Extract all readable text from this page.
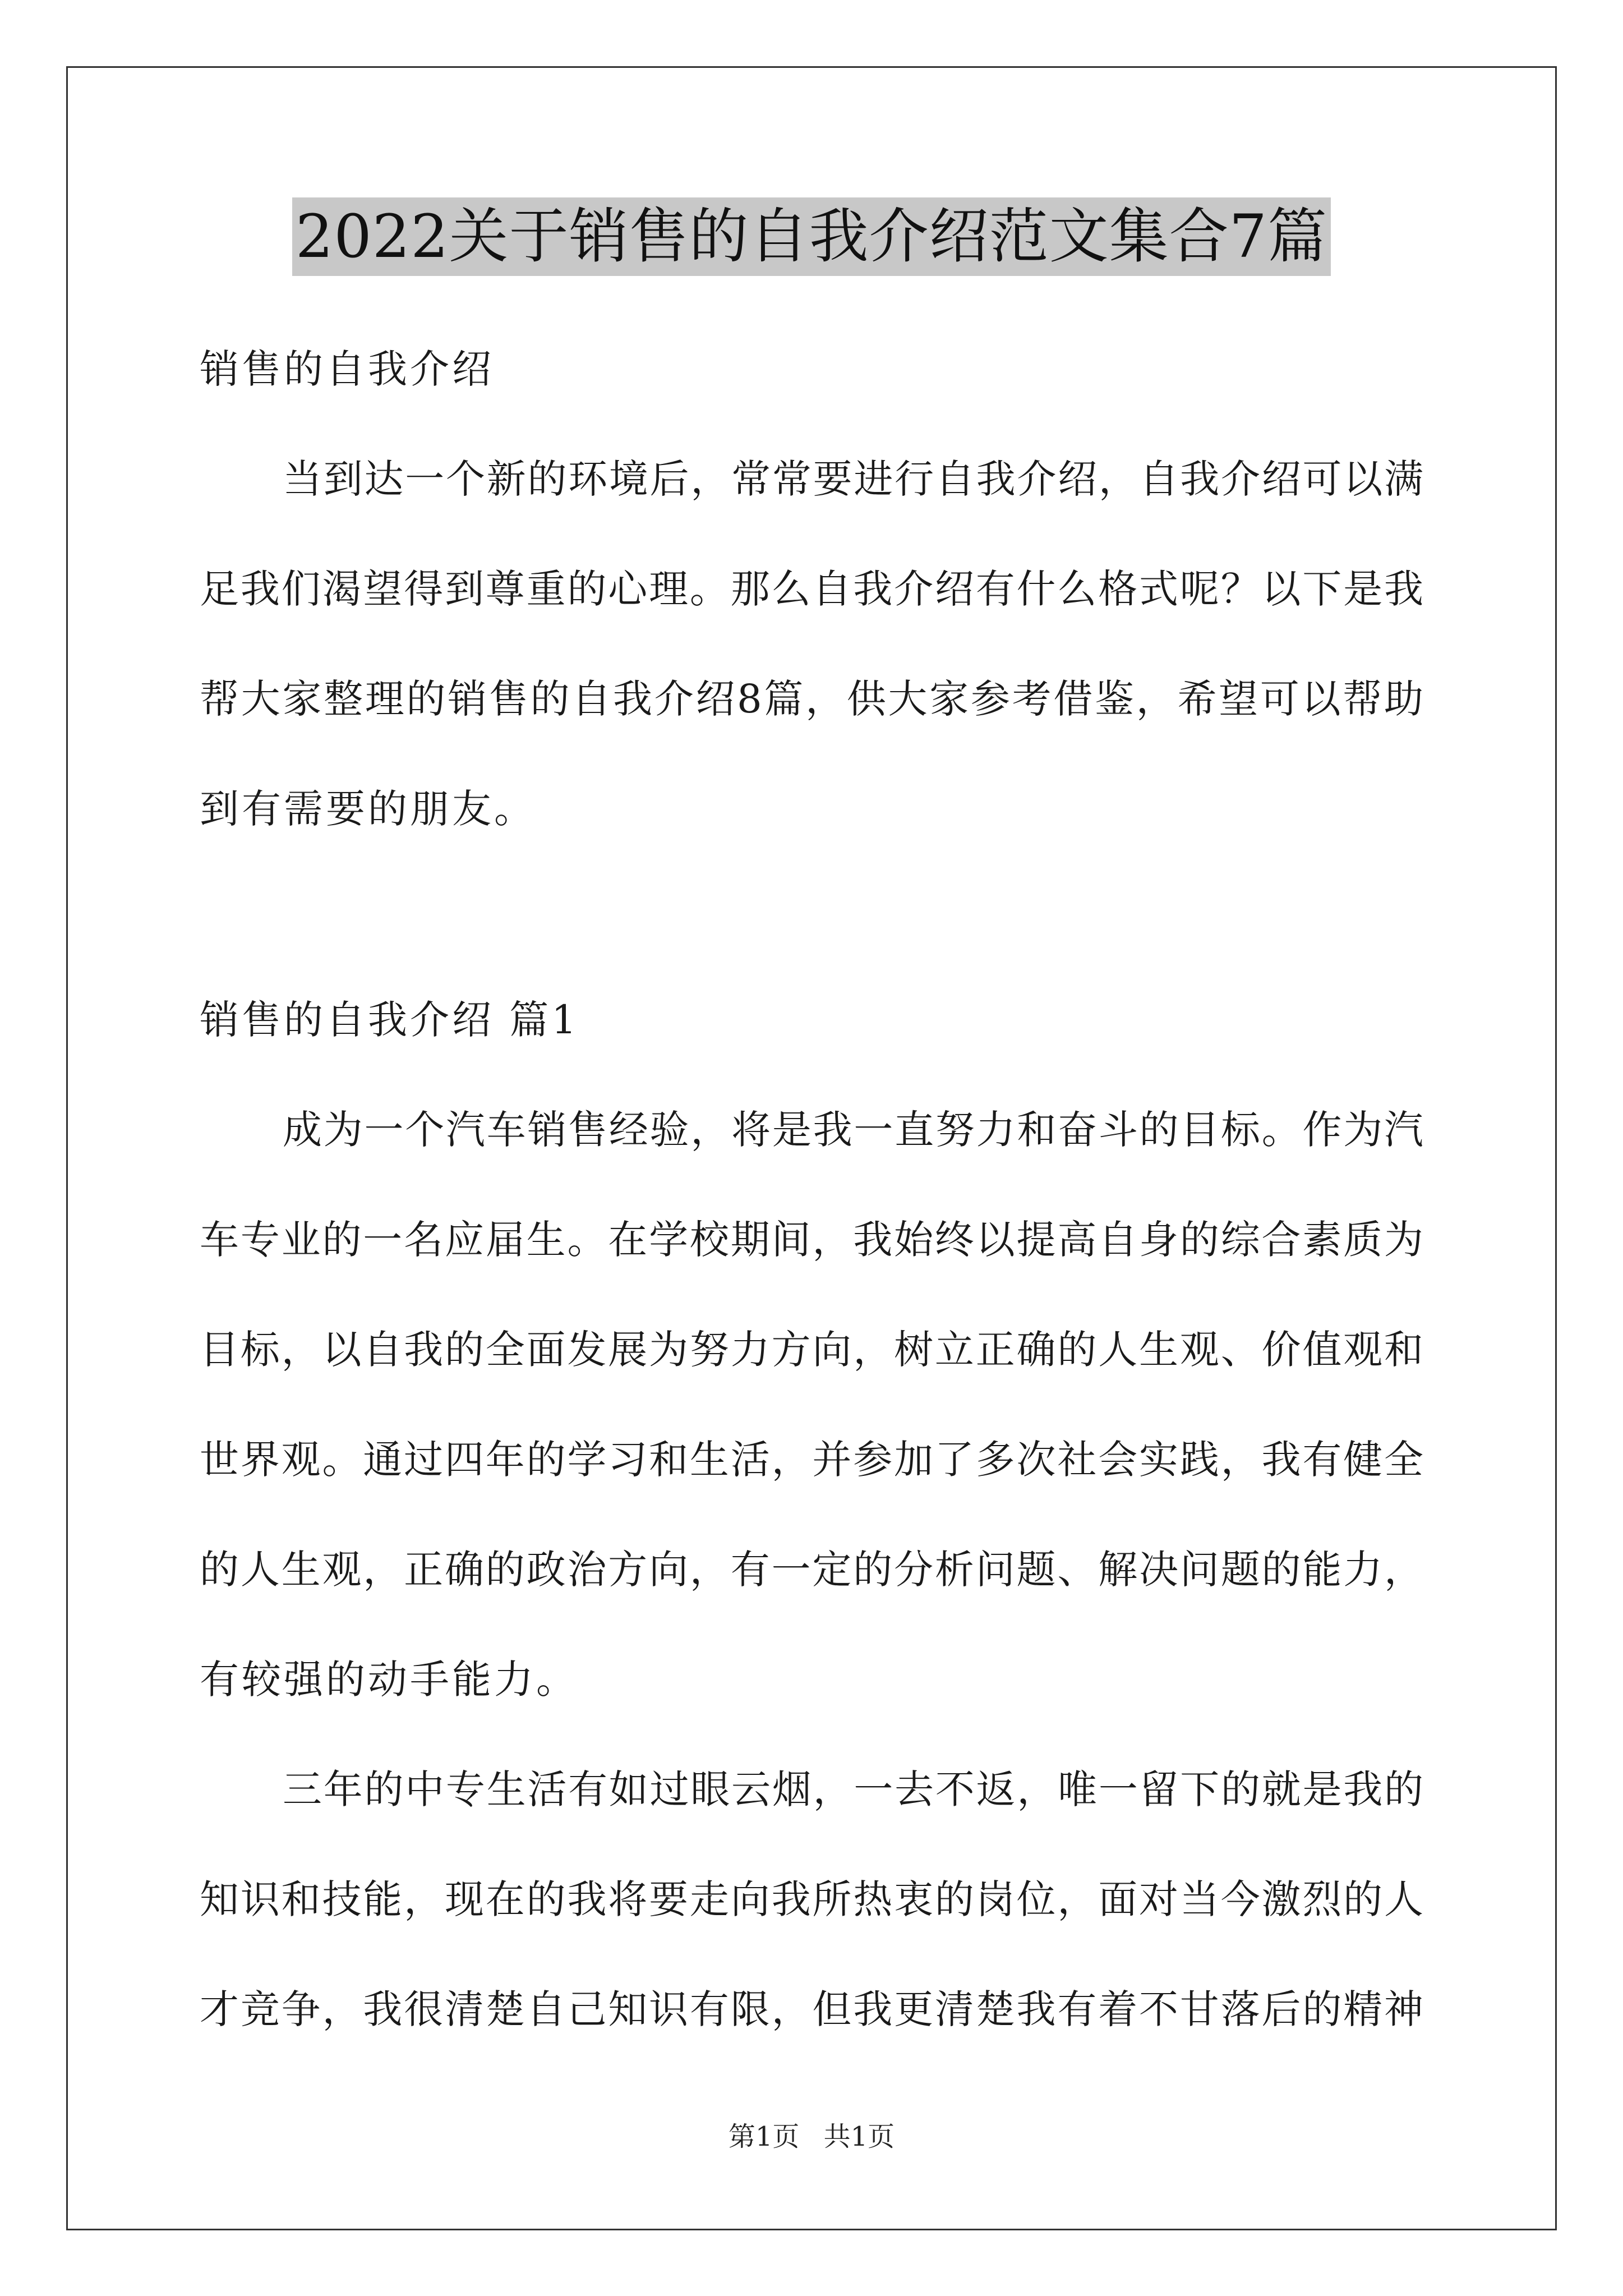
2022关于销售的自我介绍范文集合7篇
销售的自我介绍
当到达一个新的环境后，常常要进行自我介绍，自我介绍可以满
足我们渴望得到尊重的心理。那么自我介绍有什么格式呢？以下是我
帮大家整理的销售的自我介绍8篇，供大家参考借鉴，希望可以帮助
到有需要的朋友。
销售的自我介绍 篇1
成为一个汽车销售经验，将是我一直努力和奋斗的目标。作为汽
车专业的一名应届生。在学校期间，我始终以提高自身的综合素质为
目标，以自我的全面发展为努力方向，树立正确的人生观、价值观和
世界观。通过四年的学习和生活，并参加了多次社会实践，我有健全
的人生观，正确的政治方向，有一定的分析问题、解决问题的能力，
有较强的动手能力。
三年的中专生活有如过眼云烟，一去不返，唯一留下的就是我的
知识和技能，现在的我将要走向我所热衷的岗位，面对当今激烈的人
才竞争，我很清楚自己知识有限，但我更清楚我有着不甘落后的精神
第1页 共1页
